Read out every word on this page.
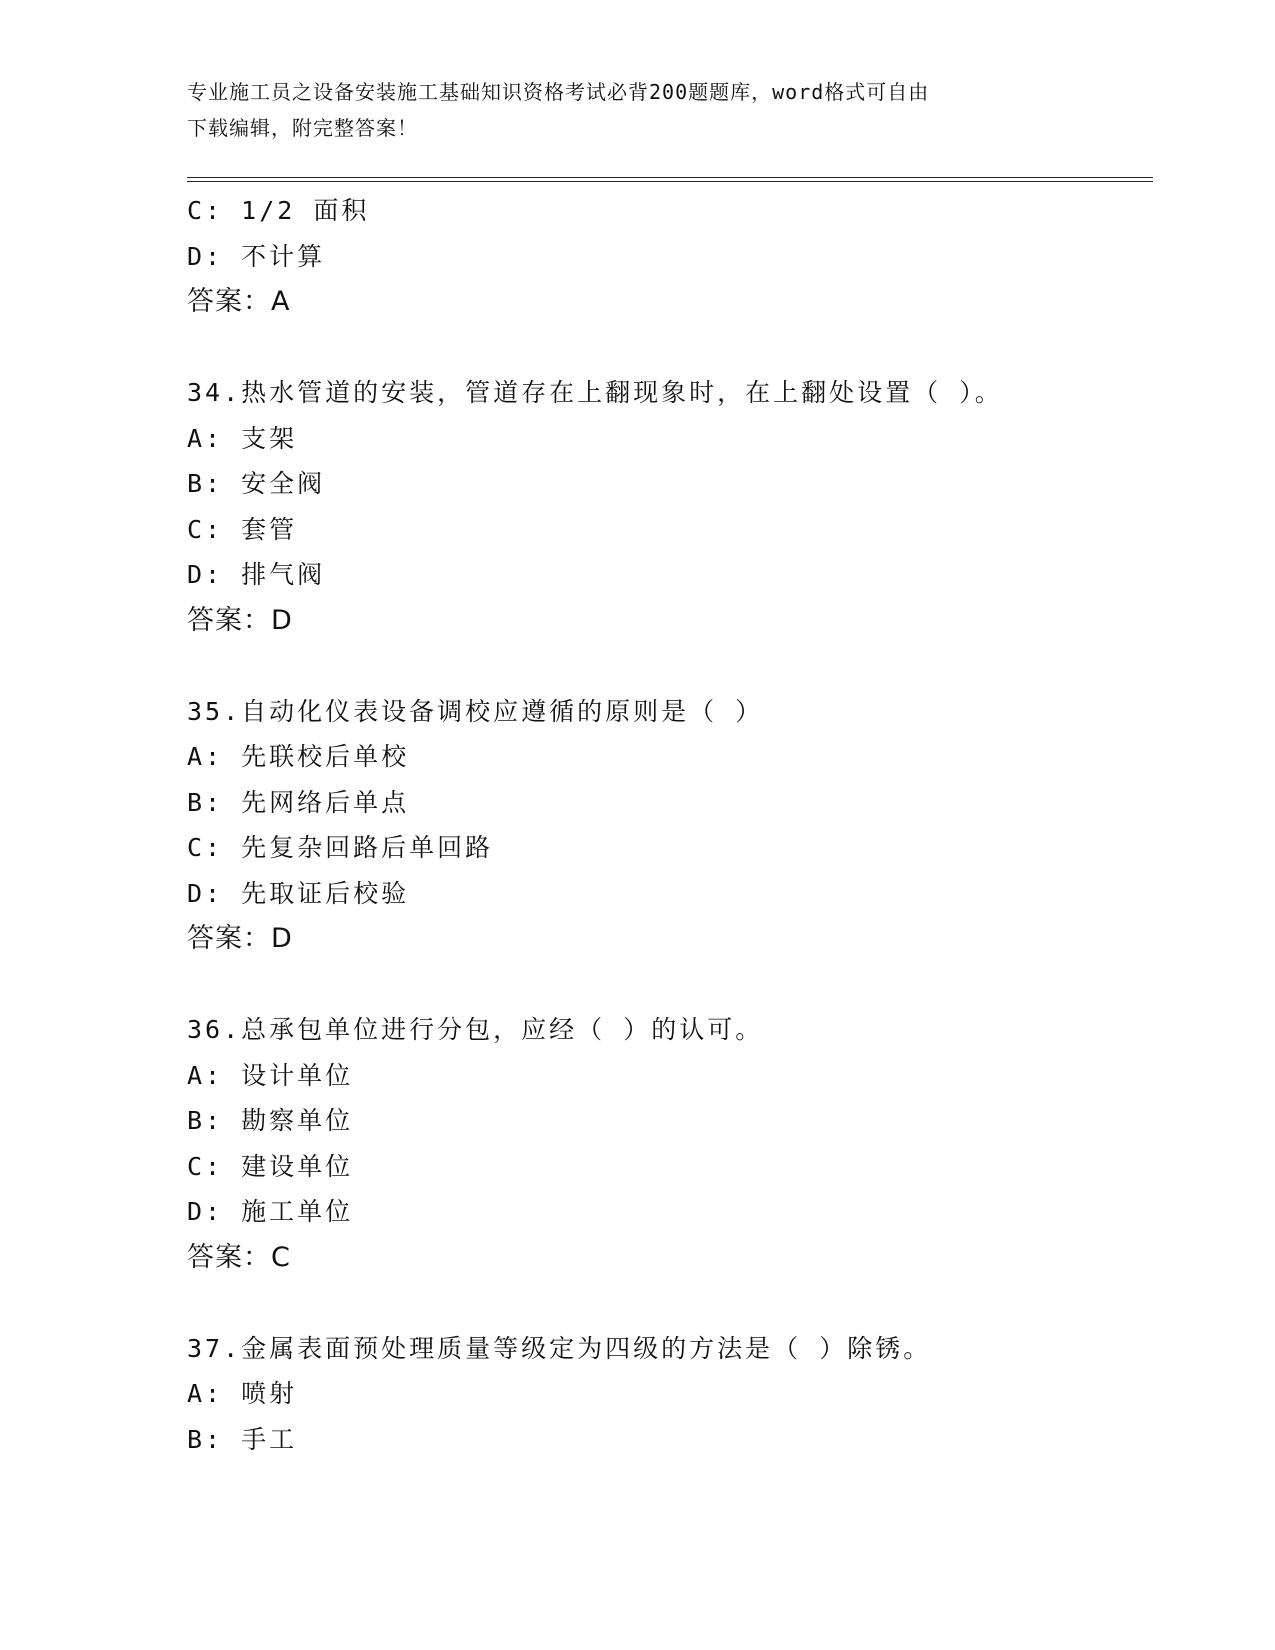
专业施工员之设备安装施工基础知识资格考试必背200题题库，word格式可自由
下载编辑，附完整答案！
C: 1/2 面积
D: 不计算
答案：A
34.热水管道的安装，管道存在上翻现象时，在上翻处设置（ ）。
A: 支架
B: 安全阀
C: 套管
D: 排气阀
答案：D
35.自动化仪表设备调校应遵循的原则是（ ）
A: 先联校后单校
B: 先网络后单点
C: 先复杂回路后单回路
D: 先取证后校验
答案：D
36.总承包单位进行分包，应经（ ）的认可。
A: 设计单位
B: 勘察单位
C: 建设单位
D: 施工单位
答案：C
37.金属表面预处理质量等级定为四级的方法是（ ）除锈。
A: 喷射
B: 手工
